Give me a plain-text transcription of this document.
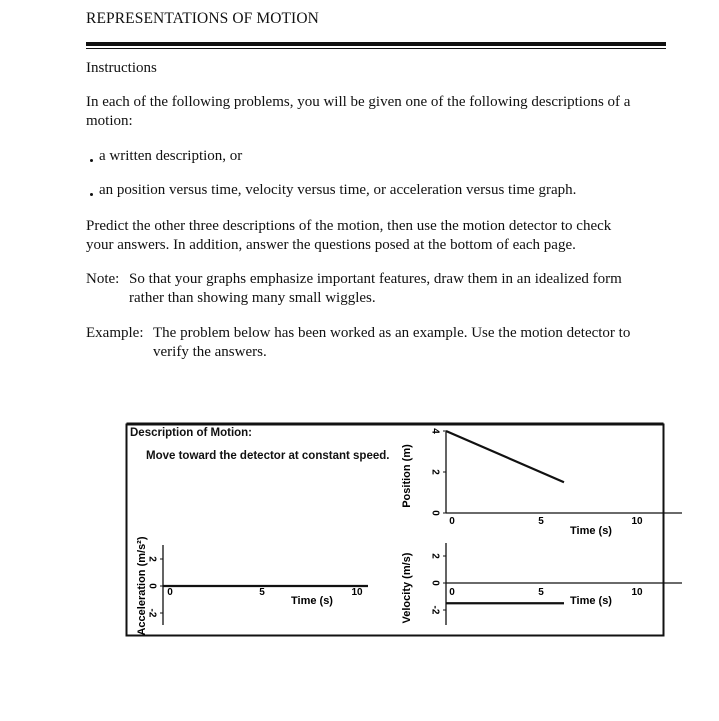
REPRESENTATIONS OF MOTION
Instructions
In each of the following problems, you will be given one of the following descriptions of a
motion:
a written description, or
an position versus time, velocity versus time, or acceleration versus time graph.
Predict the other three descriptions of the motion, then use the motion detector to check
your answers. In addition, answer the questions posed at the bottom of each page.
Note: So that your graphs emphasize important features, draw them in an idealized form
rather than showing many small wiggles.
Example: The problem below has been worked as an example. Use the motion detector to
verify the answers.
Description of Motion:
Move toward the detector at constant speed.
0
2
4
0	5	10
Time (s)
Position (m)
2
0
-2
0	5	10
Time (s)
Acceleration (m/s²)	2
0
-2
0	5	10
Time (s)
Velocity (m/s)
